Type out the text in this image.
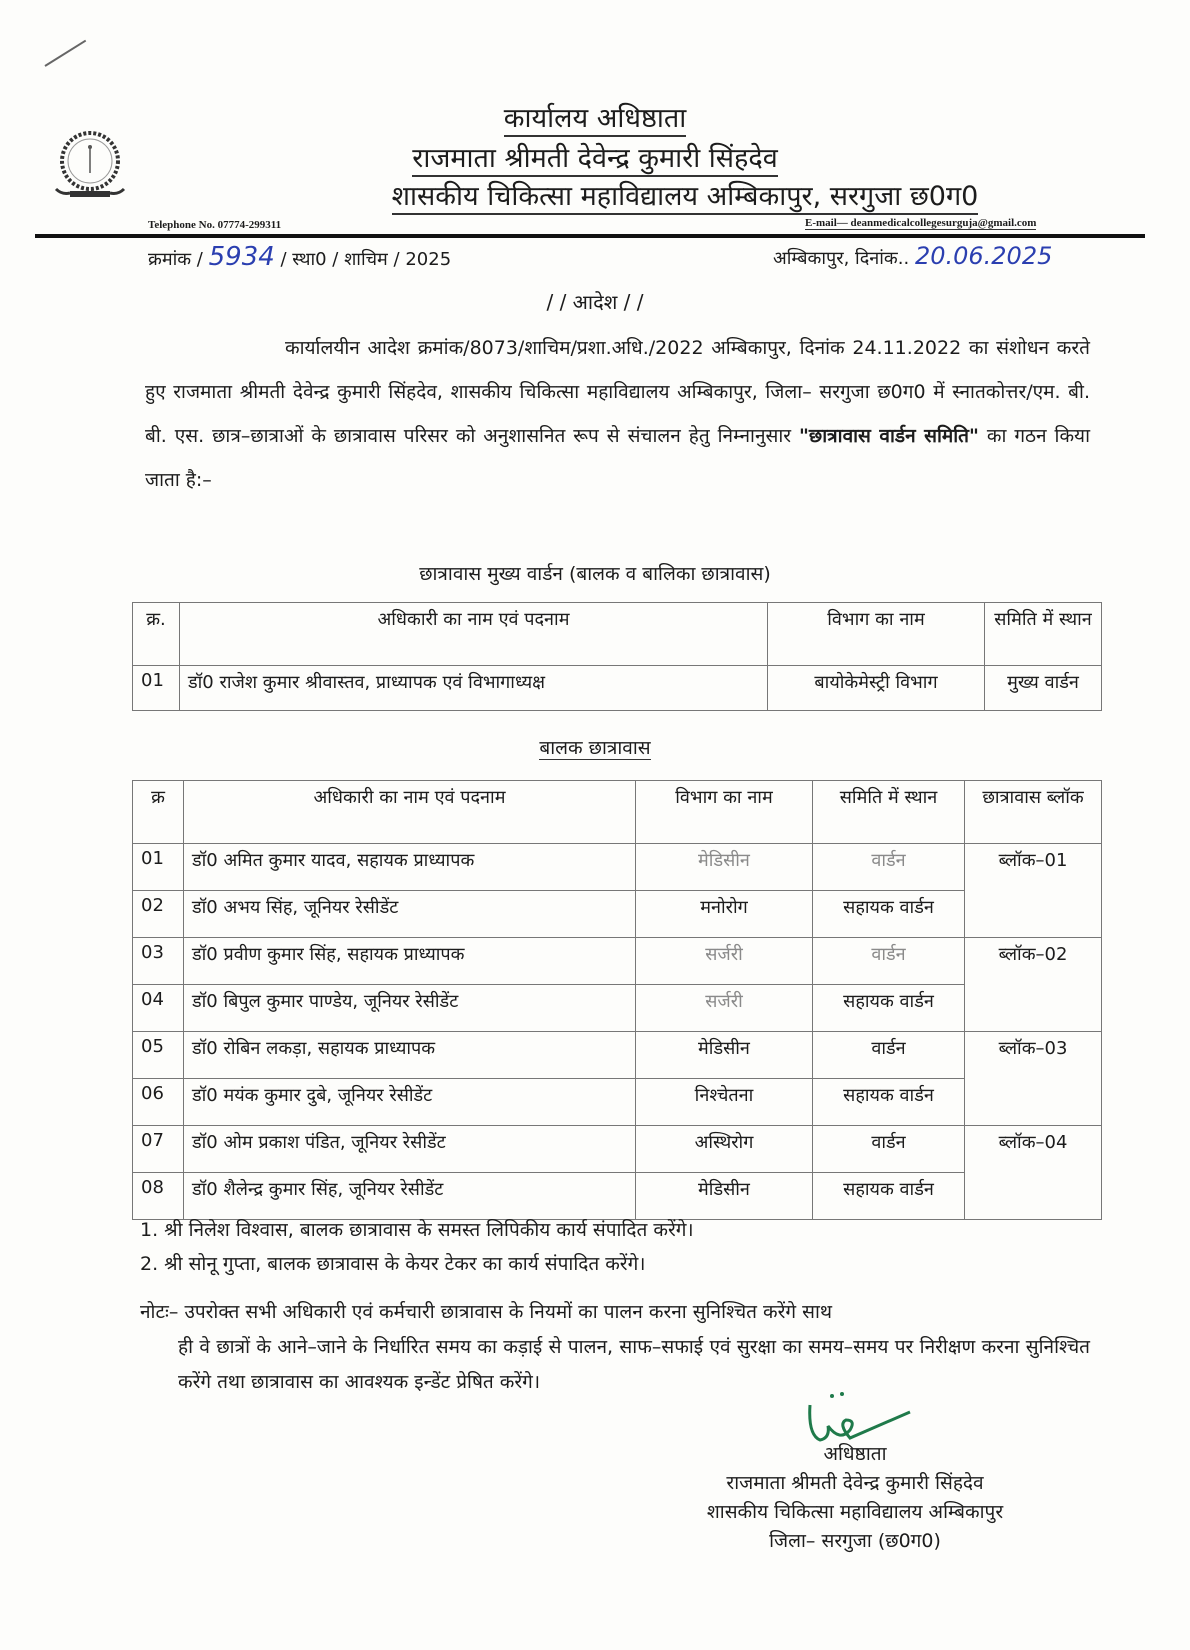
कार्यालय अधिष्ठाता
राजमाता श्रीमती देवेन्द्र कुमारी सिंहदेव
शासकीय चिकित्सा महाविद्यालय अम्बिकापुर, सरगुजा छ0ग0
Telephone No. 07774-299311	E-mail— deanmedicalcollegesurguja@gmail.com
क्रमांक / 5934 / स्था0 / शाचिम / 2025	अम्बिकापुर, दिनांक.. 20.06.2025
/ / आदेश / /
कार्यालयीन आदेश क्रमांक/8073/शाचिम/प्रशा.अधि./2022 अम्बिकापुर, दिनांक 24.11.2022 का संशोधन करते हुए राजमाता श्रीमती देवेन्द्र कुमारी सिंहदेव, शासकीय चिकित्सा महाविद्यालय अम्बिकापुर, जिला– सरगुजा छ0ग0 में स्नातकोत्तर/एम. बी. बी. एस. छात्र–छात्राओं के छात्रावास परिसर को अनुशासनित रूप से संचालन हेतु निम्नानुसार "छात्रावास वार्डन समिति" का गठन किया जाता है:–
छात्रावास मुख्य वार्डन (बालक व बालिका छात्रावास)
क्र.	अधिकारी का नाम एवं पदनाम	विभाग का नाम	समिति में स्थान
01	डॉ0 राजेश कुमार श्रीवास्तव, प्राध्यापक एवं विभागाध्यक्ष	बायोकेमेस्ट्री विभाग	मुख्य वार्डन
बालक छात्रावास
क्र	अधिकारी का नाम एवं पदनाम	विभाग का नाम	समिति में स्थान	छात्रावास ब्लॉक
01	डॉ0 अमित कुमार यादव, सहायक प्राध्यापक	मेडिसीन	वार्डन	ब्लॉक–01
02	डॉ0 अभय सिंह, जूनियर रेसीडेंट	मनोरोग	सहायक वार्डन	
03	डॉ0 प्रवीण कुमार सिंह, सहायक प्राध्यापक	सर्जरी	वार्डन	ब्लॉक–02
04	डॉ0 बिपुल कुमार पाण्डेय, जूनियर रेसीडेंट	सर्जरी	सहायक वार्डन	
05	डॉ0 रोबिन लकड़ा, सहायक प्राध्यापक	मेडिसीन	वार्डन	ब्लॉक–03
06	डॉ0 मयंक कुमार दुबे, जूनियर रेसीडेंट	निश्चेतना	सहायक वार्डन	
07	डॉ0 ओम प्रकाश पंडित, जूनियर रेसीडेंट	अस्थिरोग	वार्डन	ब्लॉक–04
08	डॉ0 शैलेन्द्र कुमार सिंह, जूनियर रेसीडेंट	मेडिसीन	सहायक वार्डन	
1. श्री निलेश विश्वास, बालक छात्रावास के समस्त लिपिकीय कार्य संपादित करेंगे।
2. श्री सोनू गुप्ता, बालक छात्रावास के केयर टेकर का कार्य संपादित करेंगे।
नोटः– उपरोक्त सभी अधिकारी एवं कर्मचारी छात्रावास के नियमों का पालन करना सुनिश्चित करेंगे साथ
ही वे छात्रों के आने–जाने के निर्धारित समय का कड़ाई से पालन, साफ–सफाई एवं सुरक्षा का समय–समय पर निरीक्षण करना सुनिश्चित करेंगे तथा छात्रावास का आवश्यक इन्डेंट प्रेषित करेंगे।
अधिष्ठाता
राजमाता श्रीमती देवेन्द्र कुमारी सिंहदेव
शासकीय चिकित्सा महाविद्यालय अम्बिकापुर
जिला– सरगुजा (छ0ग0)
